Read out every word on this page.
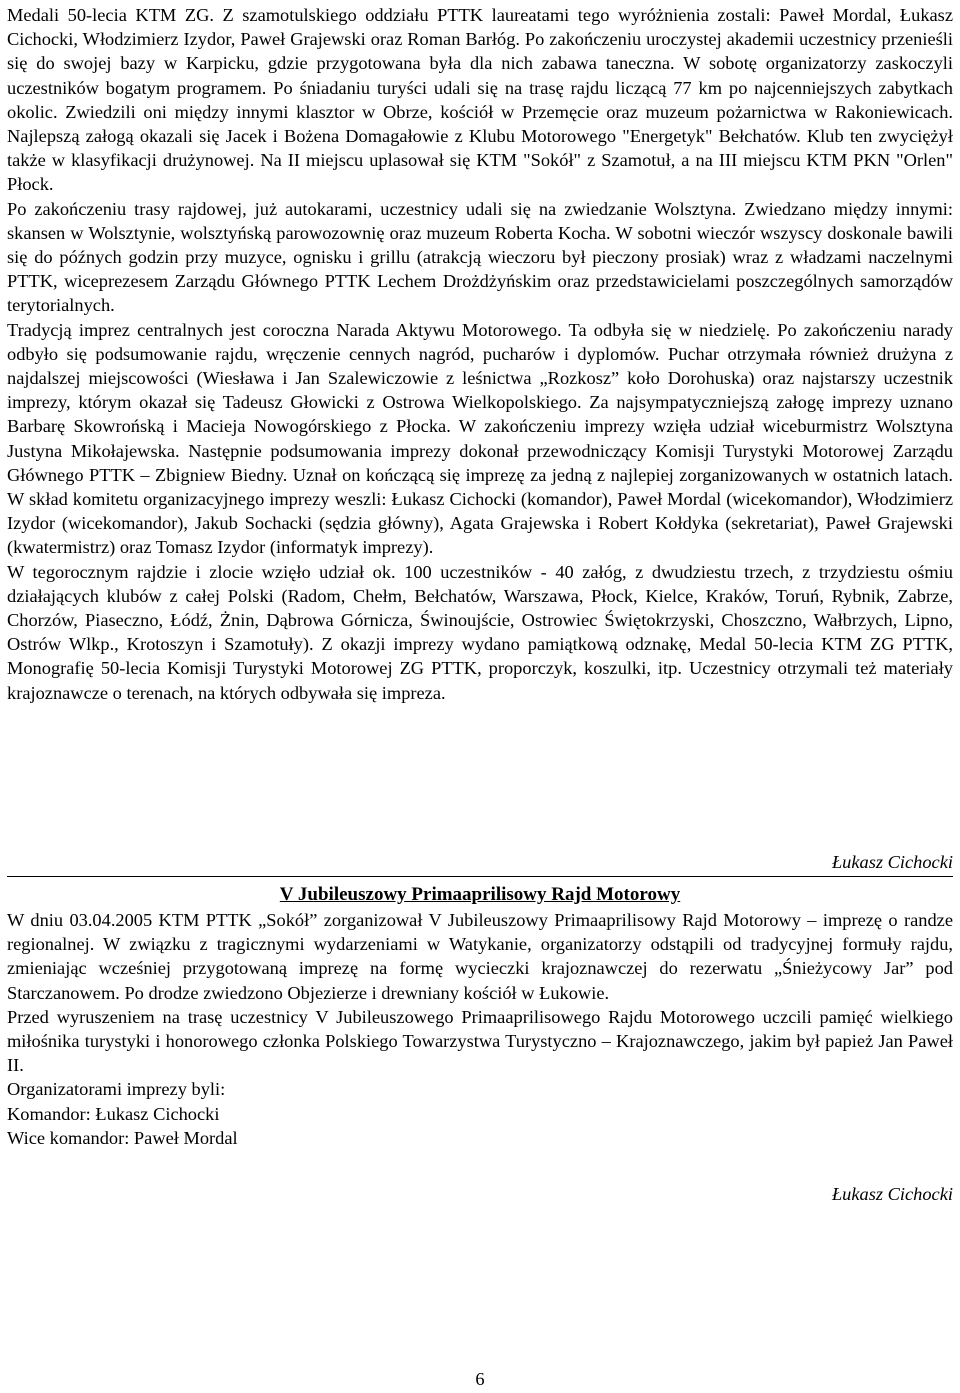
Medali 50-lecia KTM ZG. Z szamotulskiego oddziału PTTK laureatami tego wyróżnienia zostali: Paweł Mordal, Łukasz Cichocki, Włodzimierz Izydor, Paweł Grajewski oraz Roman Barłóg. Po zakończeniu uroczystej akademii uczestnicy przenieśli się do swojej bazy w Karpicku, gdzie przygotowana była dla nich zabawa taneczna. W sobotę organizatorzy zaskoczyli uczestników bogatym programem. Po śniadaniu turyści udali się na trasę rajdu liczącą 77 km po najcenniejszych zabytkach okolic. Zwiedzili oni między innymi klasztor w Obrze, kościół w Przemęcie oraz muzeum pożarnictwa w Rakoniewicach. Najlepszą załogą okazali się Jacek i Bożena Domagałowie z Klubu Motorowego "Energetyk" Bełchatów. Klub ten zwyciężył także w klasyfikacji drużynowej. Na II miejscu uplasował się KTM "Sokół" z Szamotuł, a na III miejscu KTM PKN "Orlen" Płock.

Po zakończeniu trasy rajdowej, już autokarami, uczestnicy udali się na zwiedzanie Wolsztyna. Zwiedzano między innymi: skansen w Wolsztynie, wolsztyńską parowozownię oraz muzeum Roberta Kocha. W sobotni wieczór wszyscy doskonale bawili się do późnych godzin przy muzyce, ognisku i grillu (atrakcją wieczoru był pieczony prosiak) wraz z władzami naczelnymi PTTK, wiceprezesem Zarządu Głównego PTTK Lechem Drożdżyńskim oraz przedstawicielami poszczególnych samorządów terytorialnych.

Tradycją imprez centralnych jest coroczna Narada Aktywu Motorowego. Ta odbyła się w niedzielę. Po zakończeniu narady odbyło się podsumowanie rajdu, wręczenie cennych nagród, pucharów i dyplomów. Puchar otrzymała również drużyna z najdalszej miejscowości (Wiesława i Jan Szalewiczowie z leśnictwa „Rozkosz” koło Dorohuska) oraz najstarszy uczestnik imprezy, którym okazał się Tadeusz Głowicki z Ostrowa Wielkopolskiego. Za najsympatyczniejszą załogę imprezy uznano Barbarę Skowrońską i Macieja Nowogórskiego z Płocka. W zakończeniu imprezy wzięła udział wiceburmistrz Wolsztyna Justyna Mikołajewska. Następnie podsumowania imprezy dokonał przewodniczący Komisji Turystyki Motorowej Zarządu Głównego PTTK – Zbigniew Biedny. Uznał on kończącą się imprezę za jedną z najlepiej zorganizowanych w ostatnich latach. W skład komitetu organizacyjnego imprezy weszli: Łukasz Cichocki (komandor), Paweł Mordal (wicekomandor), Włodzimierz Izydor (wicekomandor), Jakub Sochacki (sędzia główny), Agata Grajewska i Robert Kołdyka (sekretariat), Paweł Grajewski (kwatermistrz) oraz Tomasz Izydor (informatyk imprezy).

W tegorocznym rajdzie i zlocie wzięło udział ok. 100 uczestników - 40 załóg, z dwudziestu trzech, z trzydziestu ośmiu działających klubów z całej Polski (Radom, Chełm, Bełchatów, Warszawa, Płock, Kielce, Kraków, Toruń, Rybnik, Zabrze, Chorzów, Piaseczno, Łódź, Żnin, Dąbrowa Górnicza, Świnoujście, Ostrowiec Świętokrzyski, Choszczno, Wałbrzych, Lipno, Ostrów Wlkp., Krotoszyn i Szamotuły). Z okazji imprezy wydano pamiątkową odznakę, Medal 50-lecia KTM ZG PTTK, Monografię 50-lecia Komisji Turystyki Motorowej ZG PTTK, proporczyk, koszulki, itp. Uczestnicy otrzymali też materiały krajoznawcze o terenach, na których odbywała się impreza.

Łukasz Cichocki
V Jubileuszowy Primaaprilisowy Rajd Motorowy

W dniu 03.04.2005 KTM PTTK „Sokół” zorganizował V Jubileuszowy Primaaprilisowy Rajd Motorowy – imprezę o randze regionalnej. W związku z tragicznymi wydarzeniami w Watykanie, organizatorzy odstąpili od tradycyjnej formuły rajdu, zmieniając wcześniej przygotowaną imprezę na formę wycieczki krajoznawczej do rezerwatu „Śnieżycowy Jar” pod Starczanowem. Po drodze zwiedzono Objezierze i drewniany kościół w Łukowie.

Przed wyruszeniem na trasę uczestnicy V Jubileuszowego Primaaprilisowego Rajdu Motorowego uczcili pamięć wielkiego miłośnika turystyki i honorowego członka Polskiego Towarzystwa Turystyczno – Krajoznawczego, jakim był papież Jan Paweł II.

Organizatorami imprezy byli:

Komandor: Łukasz Cichocki

Wice komandor: Paweł Mordal

Łukasz Cichocki
6
